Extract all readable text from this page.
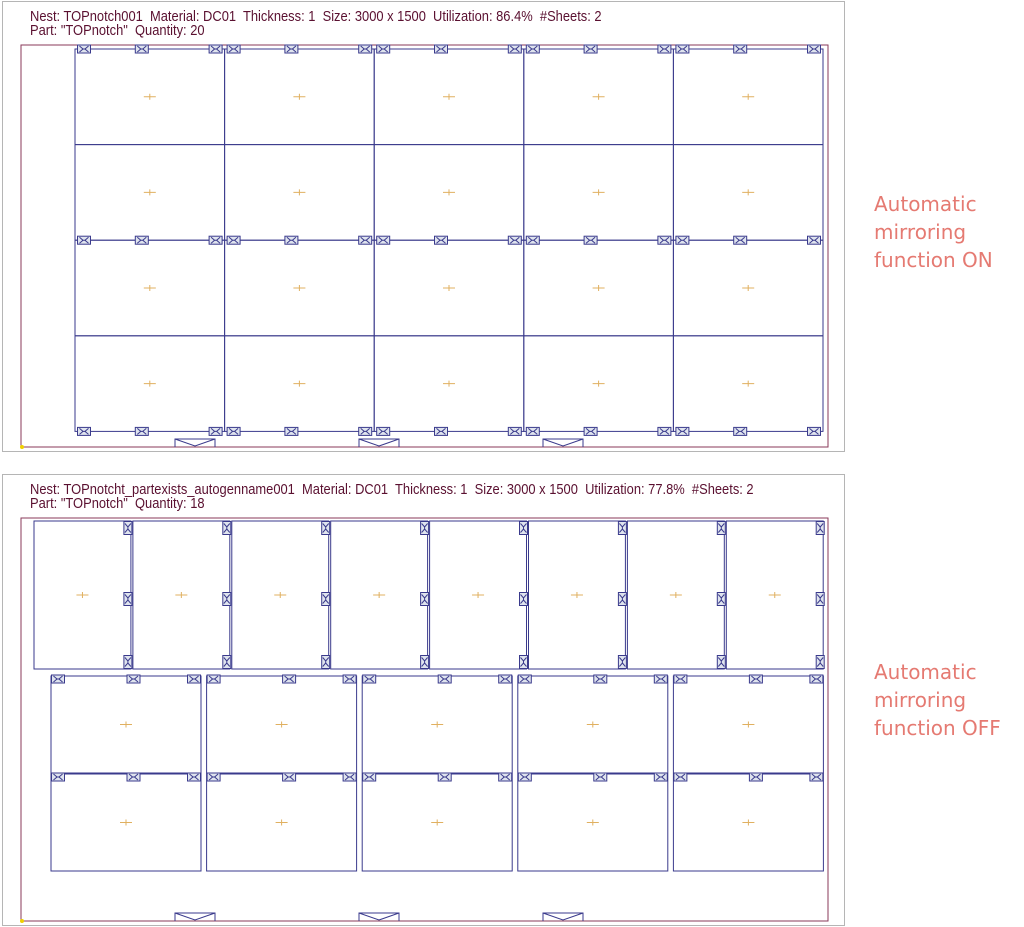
Nest: TOPnotch001 Material: DC01 Thickness: 1 Size: 3000 x 1500 Utilization: 86.4% #Sheets: 2
Part: "TOPnotch" Quantity: 20
Automatic
mirroring
function ON
Nest: TOPnotcht_partexists_autogenname001 Material: DC01 Thickness: 1 Size: 3000 x 1500 Utilization: 77.8% #Sheets: 2
Part: "TOPnotch" Quantity: 18
Automatic
mirroring
function OFF
